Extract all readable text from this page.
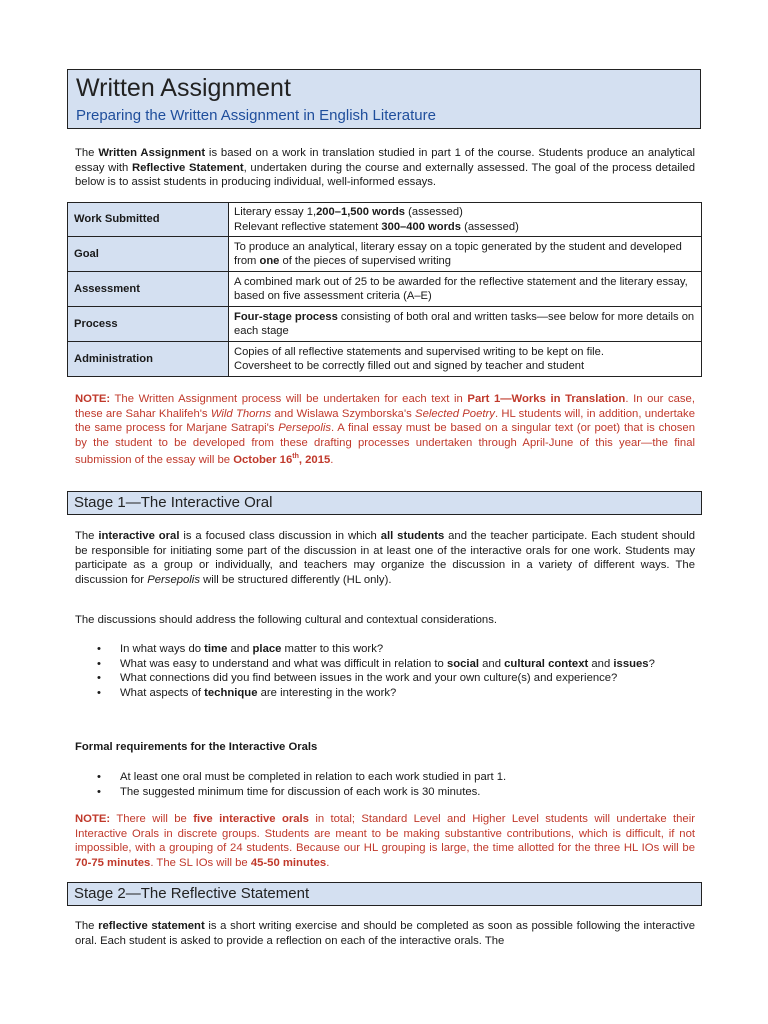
Written Assignment
Preparing the Written Assignment in English Literature

The Written Assignment is based on a work in translation studied in part 1 of the course. Students produce an analytical essay with Reflective Statement, undertaken during the course and externally assessed. The goal of the process detailed below is to assist students in producing individual, well-informed essays.

Work Submitted	Literary essay 1,200–1,500 words (assessed)
Relevant reflective statement 300–400 words (assessed)
Goal	To produce an analytical, literary essay on a topic generated by the student and developed from one of the pieces of supervised writing
Assessment	A combined mark out of 25 to be awarded for the reflective statement and the literary essay, based on five assessment criteria (A–E)
Process	Four-stage process consisting of both oral and written tasks—see below for more details on each stage
Administration	Copies of all reflective statements and supervised writing to be kept on file.
Coversheet to be correctly filled out and signed by teacher and student

NOTE: The Written Assignment process will be undertaken for each text in Part 1—Works in Translation. In our case, these are Sahar Khalifeh's Wild Thorns and Wislawa Szymborska's Selected Poetry. HL students will, in addition, undertake the same process for Marjane Satrapi's Persepolis. A final essay must be based on a singular text (or poet) that is chosen by the student to be developed from these drafting processes undertaken through April-June of this year—the final submission of the essay will be October 16th, 2015.

Stage 1—The Interactive Oral

The interactive oral is a focused class discussion in which all students and the teacher participate. Each student should be responsible for initiating some part of the discussion in at least one of the interactive orals for one work. Students may participate as a group or individually, and teachers may organize the discussion in a variety of different ways. The discussion for Persepolis will be structured differently (HL only).

The discussions should address the following cultural and contextual considerations.

• In what ways do time and place matter to this work?
• What was easy to understand and what was difficult in relation to social and cultural context and issues?
• What connections did you find between issues in the work and your own culture(s) and experience?
• What aspects of technique are interesting in the work?
Formal requirements for the Interactive Orals
• At least one oral must be completed in relation to each work studied in part 1.
• The suggested minimum time for discussion of each work is 30 minutes.

NOTE: There will be five interactive orals in total; Standard Level and Higher Level students will undertake their Interactive Orals in discrete groups. Students are meant to be making substantive contributions, which is difficult, if not impossible, with a grouping of 24 students. Because our HL grouping is large, the time allotted for the three HL IOs will be 70-75 minutes. The SL IOs will be 45-50 minutes.

Stage 2—The Reflective Statement

The reflective statement is a short writing exercise and should be completed as soon as possible following the interactive oral. Each student is asked to provide a reflection on each of the interactive orals. The
